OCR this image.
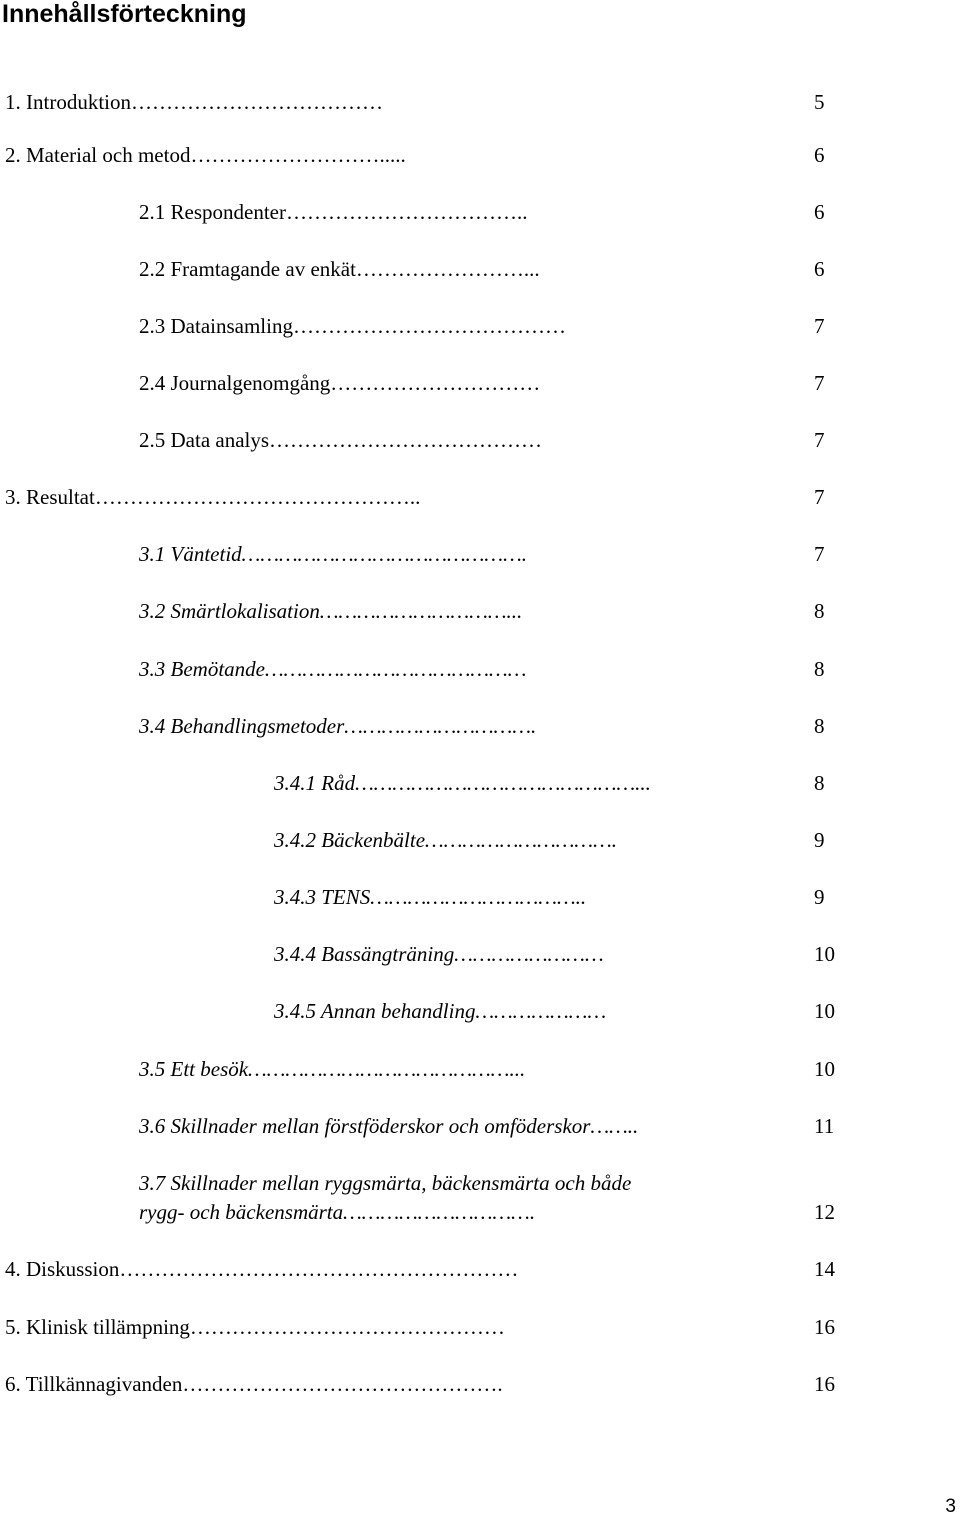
Innehållsförteckning
1. Introduktion………………………………	5
2. Material och metod……………………….....	6
2.1 Respondenter……………………………..	6
2.2 Framtagande av enkät……………………...	6
2.3 Datainsamling…………………………………	7
2.4 Journalgenomgång…………………………	7
2.5 Data analys…………………………………	7
3. Resultat………………………………………..	7
3.1 Väntetid……………………………………….	7
3.2 Smärtlokalisation…………………………...	8
3.3 Bemötande……………………………………	8
3.4 Behandlingsmetoder………………………….	8
3.4.1 Råd………………………………………...	8
3.4.2 Bäckenbälte………………………….	9
3.4.3 TENS……………………………..	9
3.4.4 Bassängträning……………………	10
3.4.5 Annan behandling…………………	10
3.5 Ett besök……………………………………...	10
3.6 Skillnader mellan förstföderskor och omföderskor……..	11
3.7 Skillnader mellan ryggsmärta, bäckensmärta och både
rygg- och bäckensmärta………………………….	12
4. Diskussion…………………………………………………	14
5. Klinisk tillämpning………………………………………	16
6. Tillkännagivanden……………………………………….	16
3
